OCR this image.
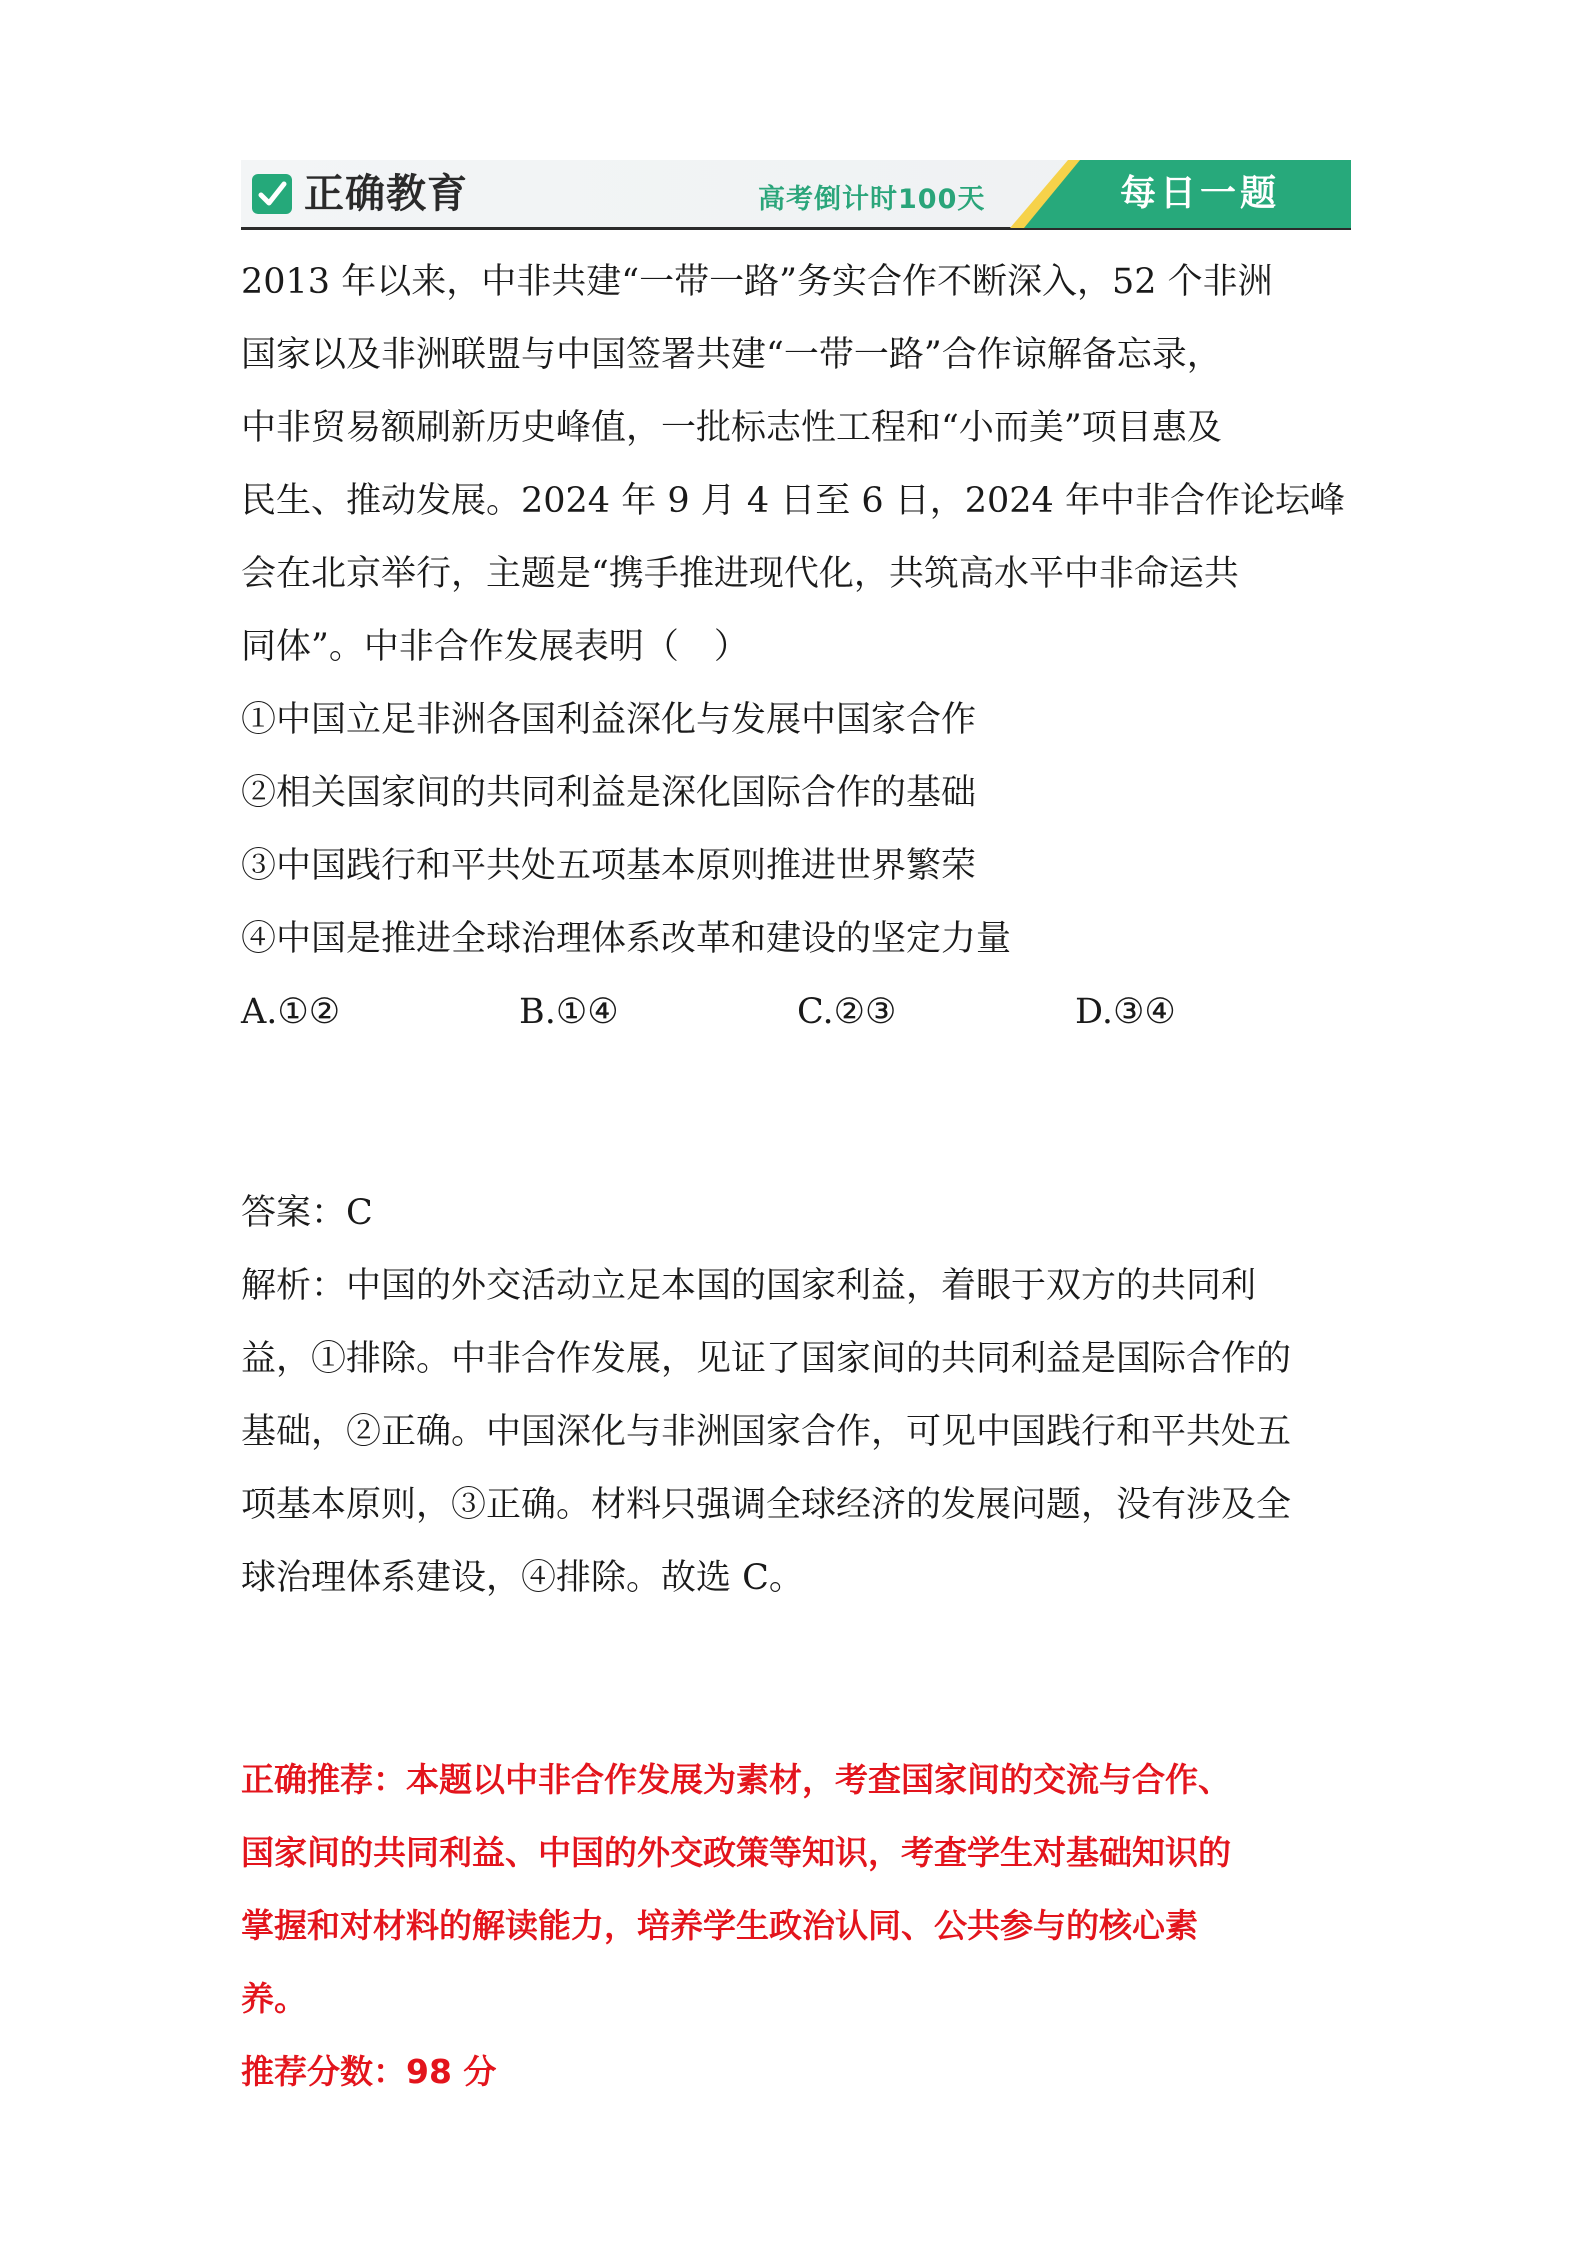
正确教育	高考倒计时100天	每日一题
2013 年以来，中非共建“一带一路”务实合作不断深入，52 个非洲
国家以及非洲联盟与中国签署共建“一带一路”合作谅解备忘录，
中非贸易额刷新历史峰值，一批标志性工程和“小而美”项目惠及
民生、推动发展。2024 年 9 月 4 日至 6 日，2024 年中非合作论坛峰
会在北京举行，主题是“携手推进现代化，共筑高水平中非命运共
同体”。中非合作发展表明（　）
①中国立足非洲各国利益深化与发展中国家合作
②相关国家间的共同利益是深化国际合作的基础
③中国践行和平共处五项基本原则推进世界繁荣
④中国是推进全球治理体系改革和建设的坚定力量
A.①②	B.①④	C.②③	D.③④
答案：C
解析：中国的外交活动立足本国的国家利益，着眼于双方的共同利
益，①排除。中非合作发展，见证了国家间的共同利益是国际合作的
基础，②正确。中国深化与非洲国家合作，可见中国践行和平共处五
项基本原则，③正确。材料只强调全球经济的发展问题，没有涉及全
球治理体系建设，④排除。故选 C。
正确推荐：本题以中非合作发展为素材，考查国家间的交流与合作、
国家间的共同利益、中国的外交政策等知识，考查学生对基础知识的
掌握和对材料的解读能力，培养学生政治认同、公共参与的核心素
养。
推荐分数：98 分
